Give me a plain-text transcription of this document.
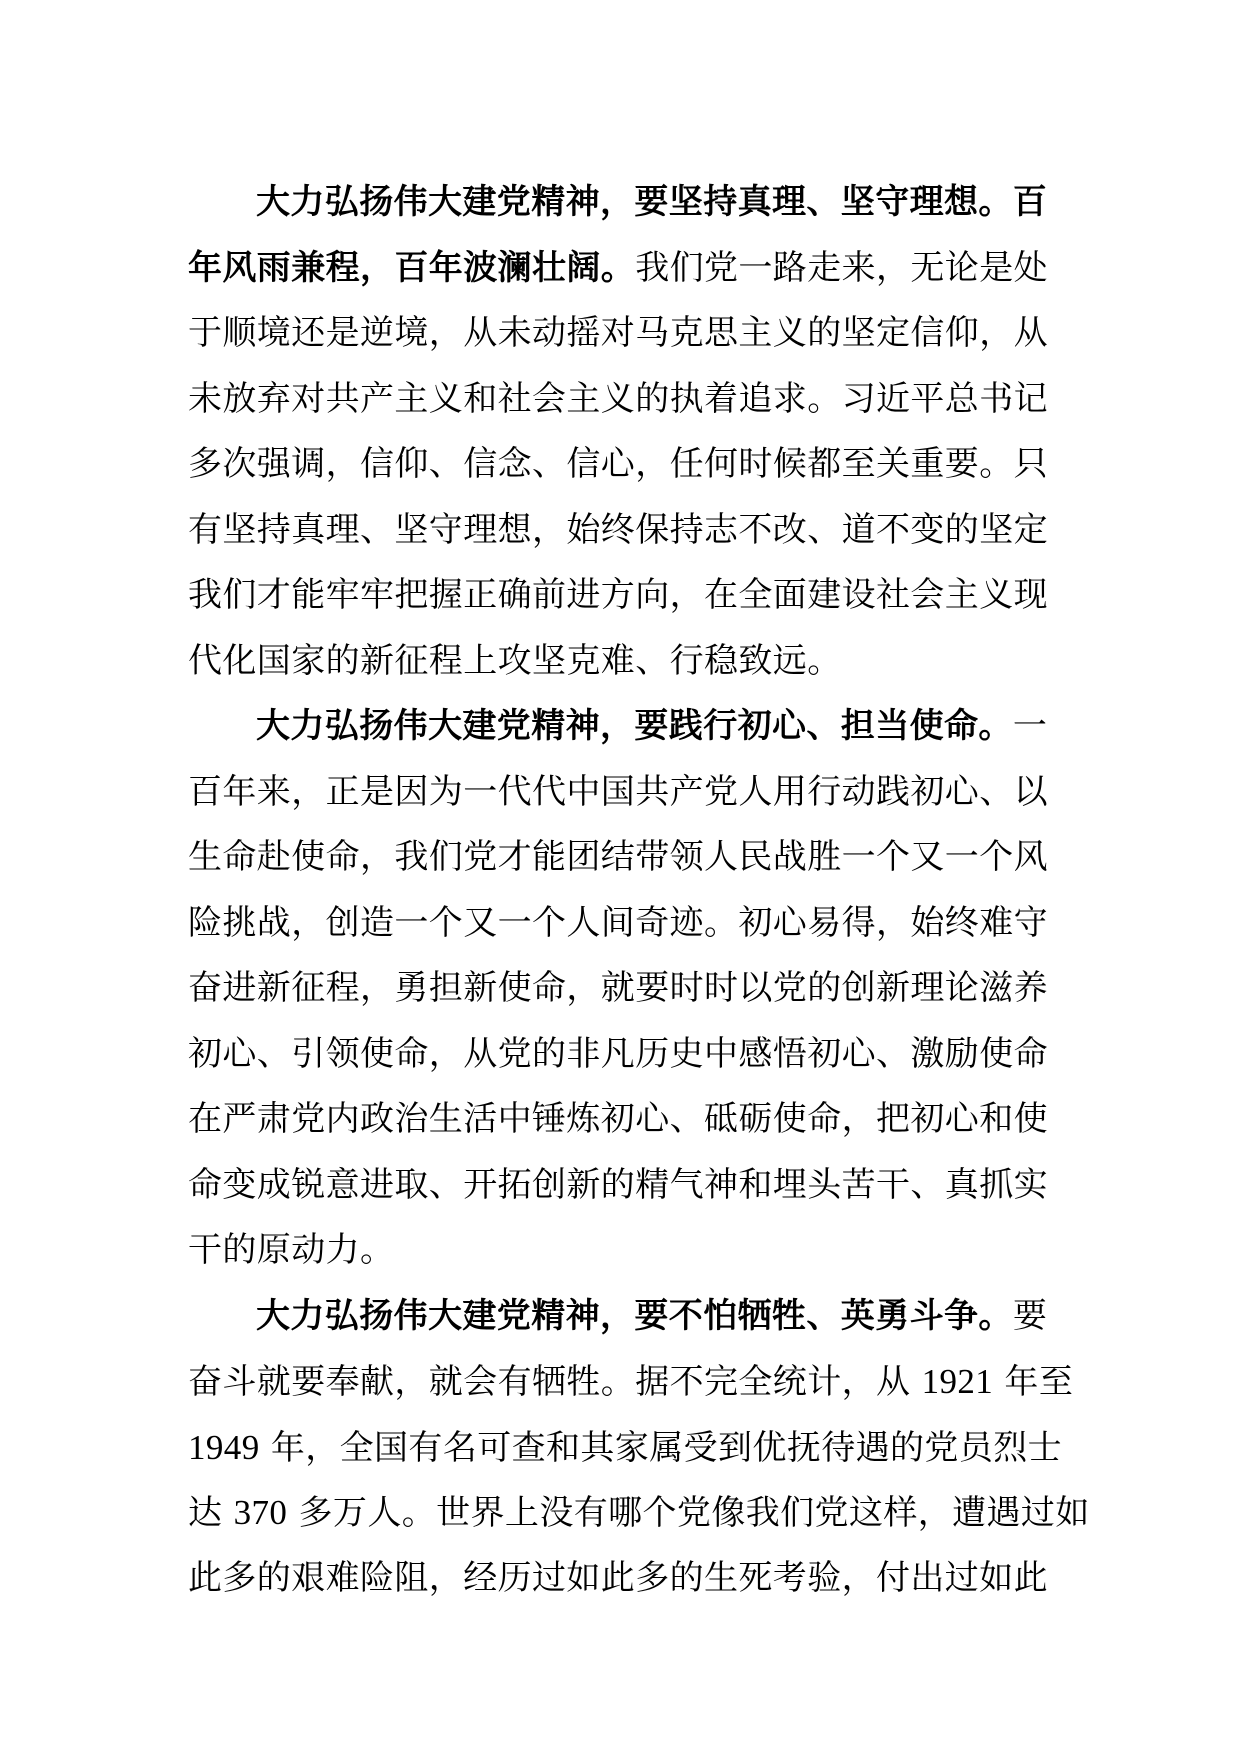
大力弘扬伟大建党精神，要坚持真理、坚守理想。百
年风雨兼程，百年波澜壮阔。我们党一路走来，无论是处
于顺境还是逆境，从未动摇对马克思主义的坚定信仰，从
未放弃对共产主义和社会主义的执着追求。习近平总书记
多次强调，信仰、信念、信心，任何时候都至关重要。只
有坚持真理、坚守理想，始终保持志不改、道不变的坚定
我们才能牢牢把握正确前进方向，在全面建设社会主义现
代化国家的新征程上攻坚克难、行稳致远。
大力弘扬伟大建党精神，要践行初心、担当使命。一
百年来，正是因为一代代中国共产党人用行动践初心、以
生命赴使命，我们党才能团结带领人民战胜一个又一个风
险挑战，创造一个又一个人间奇迹。初心易得，始终难守
奋进新征程，勇担新使命，就要时时以党的创新理论滋养
初心、引领使命，从党的非凡历史中感悟初心、激励使命
在严肃党内政治生活中锤炼初心、砥砺使命，把初心和使
命变成锐意进取、开拓创新的精气神和埋头苦干、真抓实
干的原动力。
大力弘扬伟大建党精神，要不怕牺牲、英勇斗争。要
奋斗就要奉献，就会有牺牲。据不完全统计，从 1921 年至
1949 年，全国有名可查和其家属受到优抚待遇的党员烈士
达 370 多万人。世界上没有哪个党像我们党这样，遭遇过如
此多的艰难险阻，经历过如此多的生死考验，付出过如此
